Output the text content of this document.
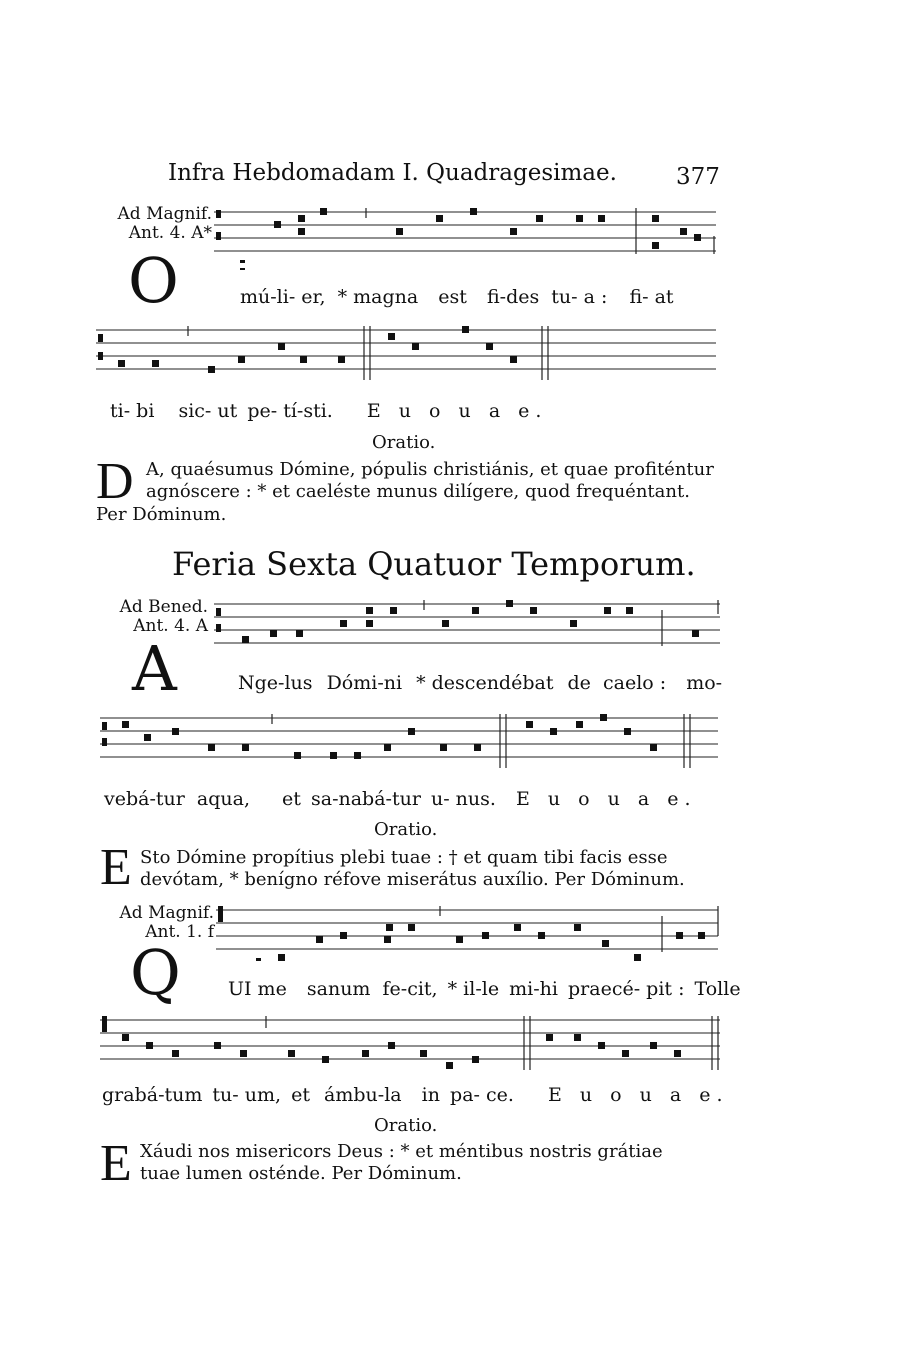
Infra Hebdomadam I. Quadragesimae.	377
Ad Magnif.
Ant. 4. A*
O	mú-li- er, * magna est fi-des tu- a : fi- at
ti- bi sic- ut pe- tí-sti. E u o u a e.
Oratio.
D A, quaésumus Dómine, pópulis christiánis, et quae profiténtur
agnóscere : * et caeléste munus dilígere, quod frequéntant.
Per Dóminum.
Feria Sexta Quatuor Temporum.
Ad Bened.
Ant. 4. A
A	Nge-lus Dómi-ni * descendébat de caelo : mo-
vebá-tur aqua, et sa-nabá-tur u- nus. E u o u a e.
Oratio.
E Sto Dómine propítius plebi tuae : † et quam tibi facis esse
devótam, * benígno réfove miserátus auxílio. Per Dóminum.
Ad Magnif.
Ant. 1. f
Q UI me sanum fe-cit, * il-le mi-hi praecé- pit : Tolle
grabá-tum tu- um, et ámbu-la in pa- ce. E u o u a e.
Oratio.
E Xáudi nos misericors Deus : * et méntibus nostris grátiae
tuae lumen osténde. Per Dóminum.
